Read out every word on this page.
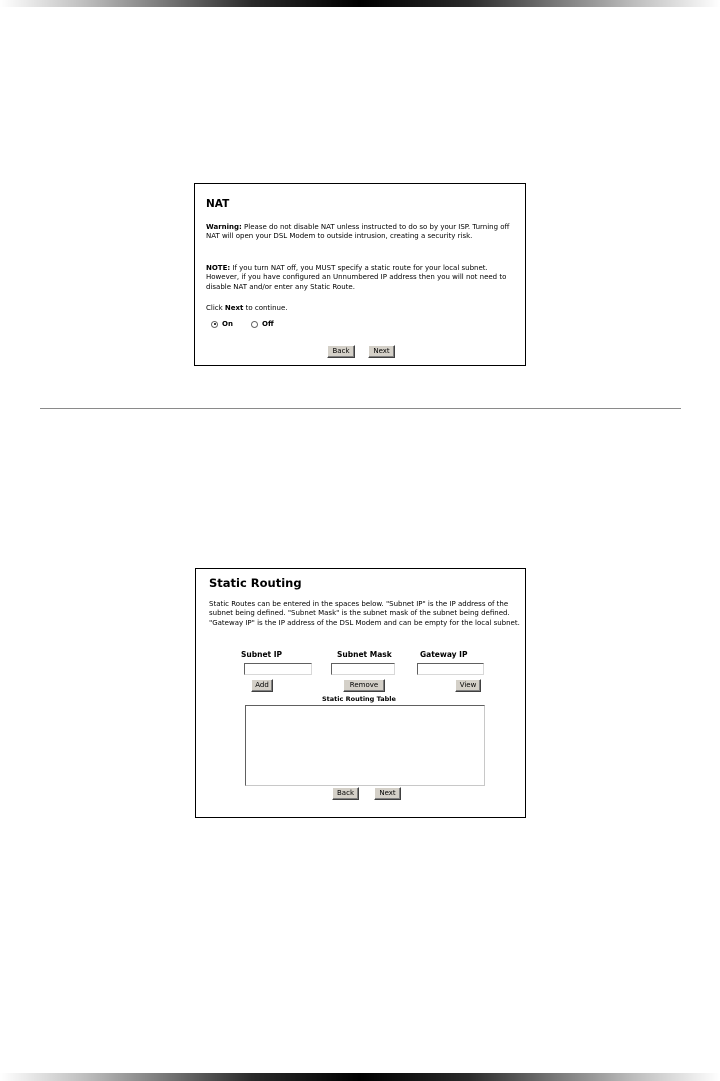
NAT
Warning: Please do not disable NAT unless instructed to do so by your ISP. Turning off NAT will open your DSL Modem to outside intrusion, creating a security risk.
NOTE: If you turn NAT off, you MUST specify a static route for your local subnet. However, if you have configured an Unnumbered IP address then you will not need to disable NAT and/or enter any Static Route.
Click Next to continue.
On	Off
Back	Next
Static Routing
Static Routes can be entered in the spaces below. "Subnet IP" is the IP address of the subnet being defined. "Subnet Mask" is the subnet mask of the subnet being defined. "Gateway IP" is the IP address of the DSL Modem and can be empty for the local subnet.
Subnet IP	Subnet Mask	Gateway IP
Add	Remove	View
Static Routing Table
Back	Next
